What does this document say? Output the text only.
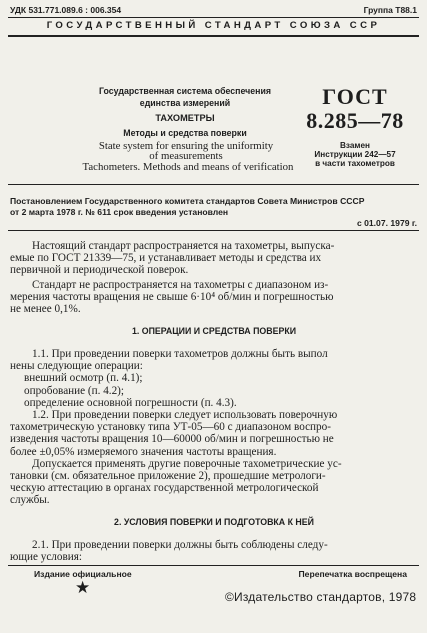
УДК 531.771.089.6 : 006.354	Группа Т88.1
ГОСУДАРСТВЕННЫЙ СТАНДАРТ СОЮЗА ССР
Государственная система обеспечения
единства измерений
ТАХОМЕТРЫ
Методы и средства поверки
State system for ensuring the uniformity
of measurements
Tachometers. Methods and means of verification
ГОСТ
8.285—78
Взамен
Инструкции 242—57
в части тахометров
Постановлением Государственного комитета стандартов Совета Министров СССР
от 2 марта 1978 г. № 611 срок введения установлен
с 01.07. 1979 г.
Настоящий стандарт распространяется на тахометры, выпуска-
емые по ГОСТ 21339—75, и устанавливает методы и средства их
первичной и периодической поверок.
Стандарт не распространяется на тахометры с диапазоном из-
мерения частоты вращения не свыше 6·10⁴ об/мин и погрешностью
не менее 0,1%.
1. ОПЕРАЦИИ И СРЕДСТВА ПОВЕРКИ
1.1. При проведении поверки тахометров должны быть выпол
нены следующие операции:
внешний осмотр (п. 4.1);
опробование (п. 4.2);
определение основной погрешности (п. 4.3).
1.2. При проведении поверки следует использовать поверочную
тахометрическую установку типа УТ-05—60 с диапазоном воспро-
изведения частоты вращения 10—60000 об/мин и погрешностью не
более ±0,05% измеряемого значения частоты вращения.
Допускается применять другие поверочные тахометрические ус-
тановки (см. обязательное приложение 2), прошедшие метрологи-
ческую аттестацию в органах государственной метрологической
службы.
2. УСЛОВИЯ ПОВЕРКИ И ПОДГОТОВКА К НЕЙ
2.1. При проведении поверки должны быть соблюдены следу-
ющие условия:
Издание официальное	Перепечатка воспрещена
★	©Издательство стандартов, 1978
